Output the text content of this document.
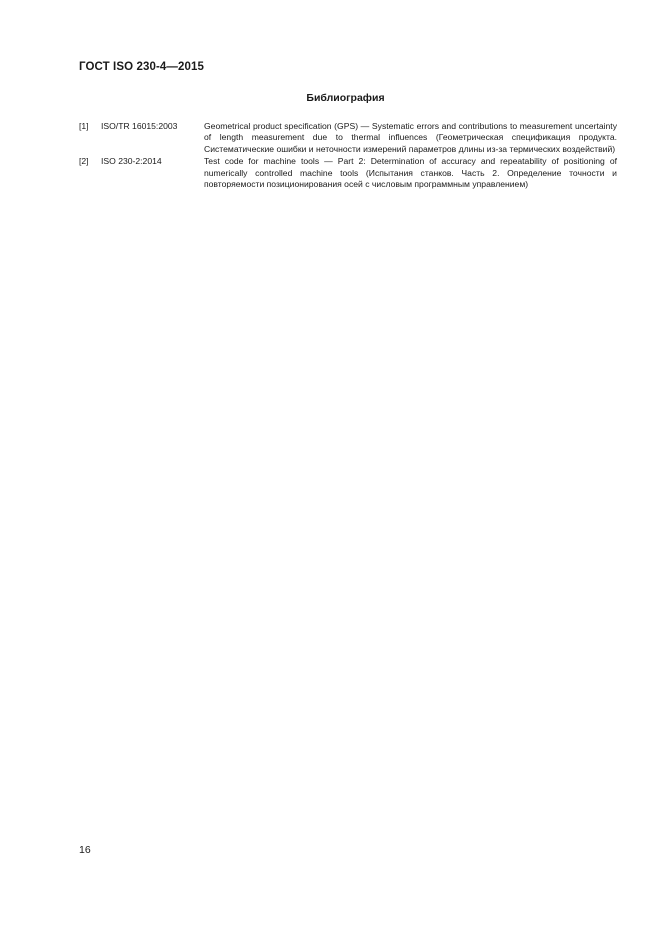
ГОСТ ISO 230-4—2015
Библиография
[1] ISO/TR 16015:2003	Geometrical product specification (GPS) — Systematic errors and contributions to measurement uncertainty of length measurement due to thermal influences (Геометрическая спецификация продукта. Систематические ошибки и неточности измерений параметров длины из-за термических воздействий)
[2] ISO 230-2:2014	Test code for machine tools — Part 2: Determination of accuracy and repeatability of positioning of numerically controlled machine tools (Испытания станков. Часть 2. Определение точности и повторяемости позиционирования осей с числовым программным управлением)
16
